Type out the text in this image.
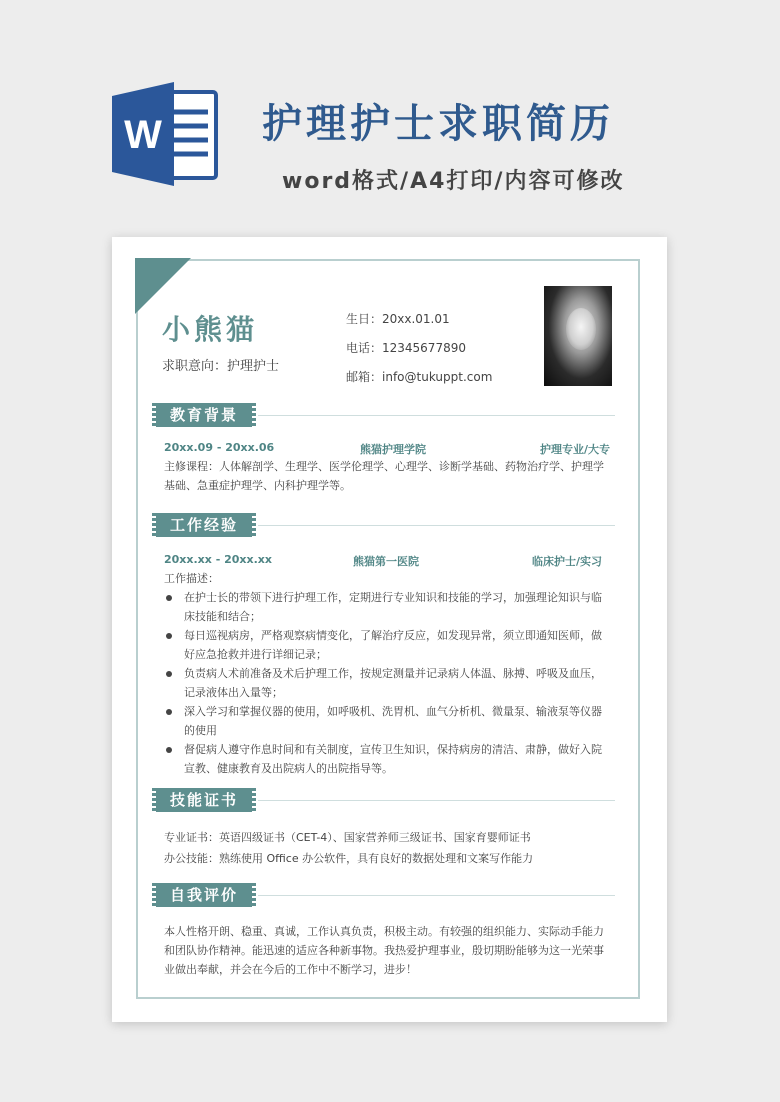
W	护理护士求职简历

word格式/A4打印/内容可修改

小熊猫
求职意向：护理护士
生日：20xx.01.01
电话：12345677890
邮箱：info@tukuppt.com
教育背景
20xx.09 - 20xx.06	熊猫护理学院	护理专业/大专

主修课程：人体解剖学、生理学、医学伦理学、心理学、诊断学基础、药物治疗学、护理学基础、急重症护理学、内科护理学等。

工作经验
20xx.xx - 20xx.xx	熊猫第一医院	临床护士/实习
工作描述：
在护士长的带领下进行护理工作，定期进行专业知识和技能的学习，加强理论知识与临床技能和结合；
每日巡视病房，严格观察病情变化，了解治疗反应，如发现异常，须立即通知医师，做好应急抢救并进行详细记录；
负责病人术前准备及术后护理工作，按规定测量并记录病人体温、脉搏、呼吸及血压，记录液体出入量等；
深入学习和掌握仪器的使用，如呼吸机、洗胃机、血气分析机、微量泵、输液泵等仪器的使用
督促病人遵守作息时间和有关制度，宣传卫生知识，保持病房的清洁、肃静，做好入院宣教、健康教育及出院病人的出院指导等。
技能证书
专业证书：英语四级证书（CET-4）、国家营养师三级证书、国家育婴师证书
办公技能：熟练使用 Office 办公软件，具有良好的数据处理和文案写作能力
自我评价

本人性格开朗、稳重、真诚，工作认真负责，积极主动。有较强的组织能力、实际动手能力和团队协作精神。能迅速的适应各种新事物。我热爱护理事业，殷切期盼能够为这一光荣事业做出奉献，并会在今后的工作中不断学习，进步！
